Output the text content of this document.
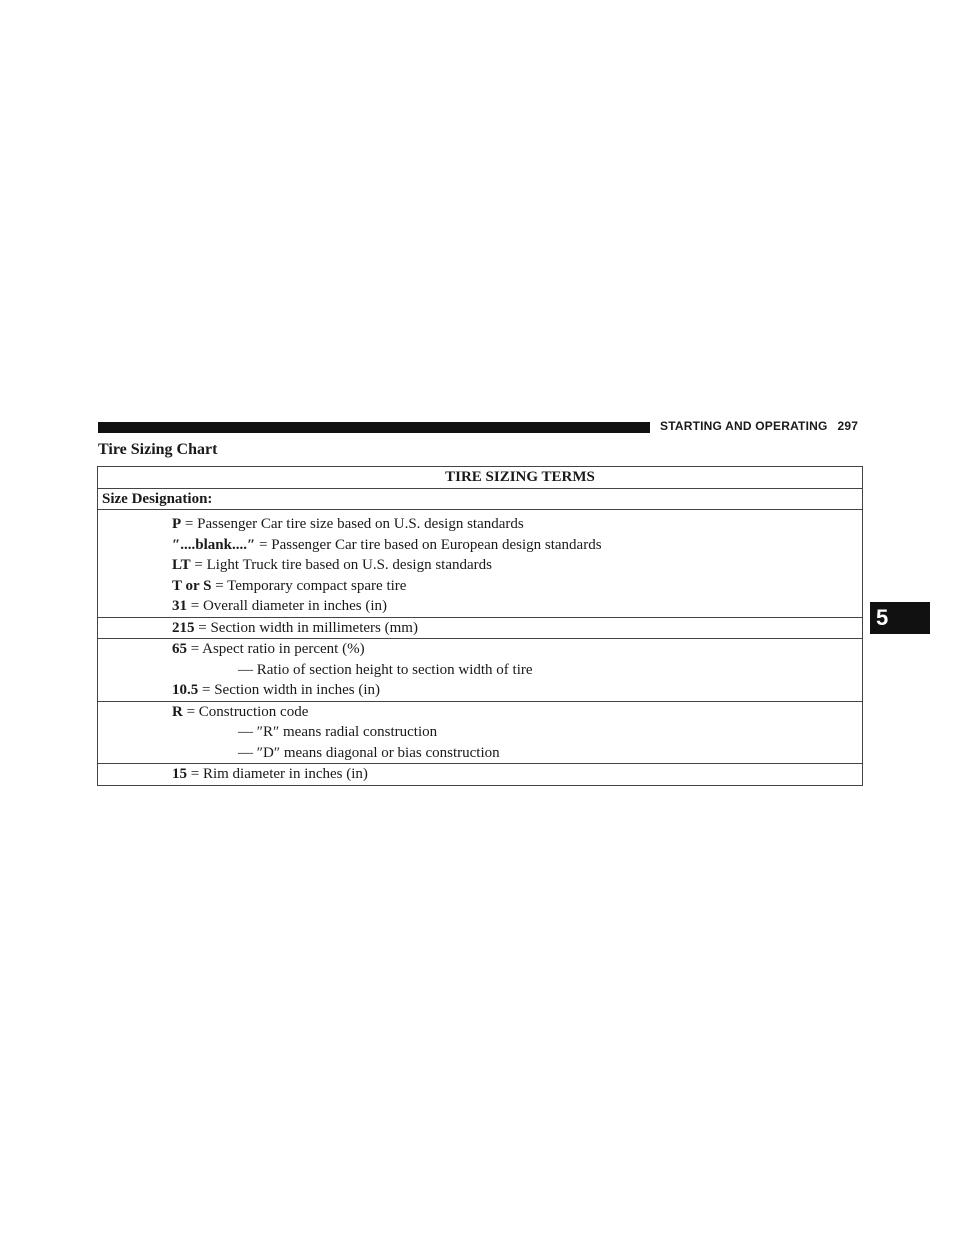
STARTING AND OPERATING 297
Tire Sizing Chart
5
TIRE SIZING TERMS
Size Designation:

P = Passenger Car tire size based on U.S. design standards
″....blank....″ = Passenger Car tire based on European design standards
LT = Light Truck tire based on U.S. design standards
T or S = Temporary compact spare tire
31 = Overall diameter in inches (in)

215 = Section width in millimeters (mm)

65 = Aspect ratio in percent (%)
— Ratio of section height to section width of tire
10.5 = Section width in inches (in)

R = Construction code
— ″R″ means radial construction
— ″D″ means diagonal or bias construction

15 = Rim diameter in inches (in)
